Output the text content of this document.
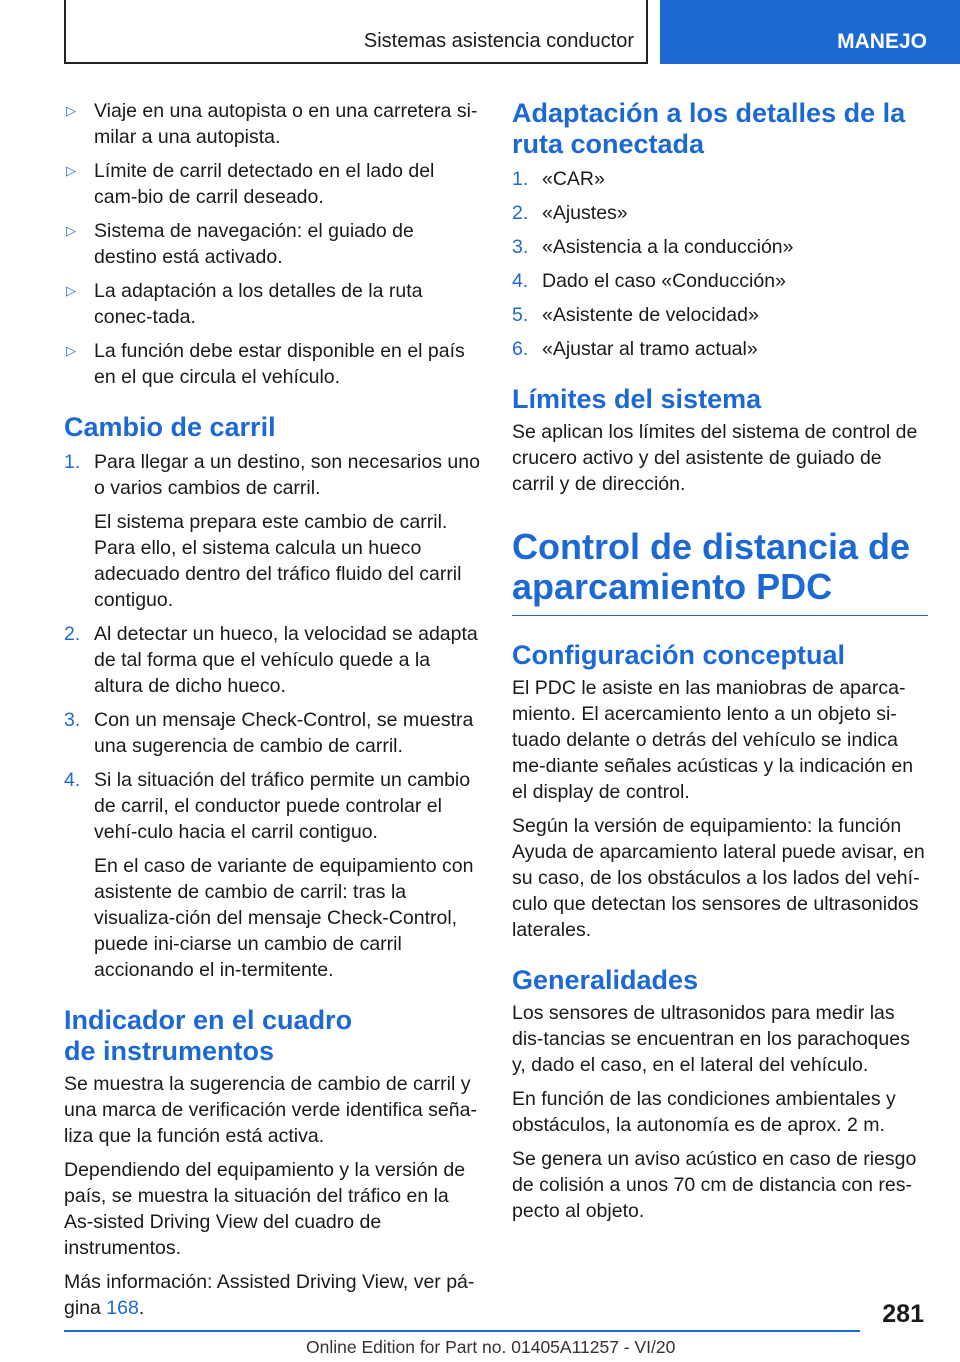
Sistemas asistencia conductor	MANEJO
▷ Viaje en una autopista o en una carretera si-milar a una autopista.
▷ Límite de carril detectado en el lado del cam-bio de carril deseado.
▷ Sistema de navegación: el guiado de destino está activado.
▷ La adaptación a los detalles de la ruta conec-tada.
▷ La función debe estar disponible en el país en el que circula el vehículo.
Cambio de carril
1. Para llegar a un destino, son necesarios uno o varios cambios de carril.
El sistema prepara este cambio de carril. Para ello, el sistema calcula un hueco adecuado dentro del tráfico fluido del carril contiguo.
2. Al detectar un hueco, la velocidad se adapta de tal forma que el vehículo quede a la altura de dicho hueco.
3. Con un mensaje Check-Control, se muestra una sugerencia de cambio de carril.
4. Si la situación del tráfico permite un cambio de carril, el conductor puede controlar el vehí-culo hacia el carril contiguo.
En el caso de variante de equipamiento con asistente de cambio de carril: tras la visualiza-ción del mensaje Check-Control, puede ini-ciarse un cambio de carril accionando el in-termitente.
Indicador en el cuadro
de instrumentos

Se muestra la sugerencia de cambio de carril y una marca de verificación verde identifica seña-liza que la función está activa.

Dependiendo del equipamiento y la versión de país, se muestra la situación del tráfico en la As-sisted Driving View del cuadro de instrumentos.

Más información: Assisted Driving View, ver pá-gina 168.

Adaptación a los detalles de la ruta conectada
1. «CAR»
2. «Ajustes»
3. «Asistencia a la conducción»
4. Dado el caso «Conducción»
5. «Asistente de velocidad»
6. «Ajustar al tramo actual»
Límites del sistema

Se aplican los límites del sistema de control de crucero activo y del asistente de guiado de carril y de dirección.

Control de distancia de aparcamiento PDC
Configuración conceptual

El PDC le asiste en las maniobras de aparca-miento. El acercamiento lento a un objeto si-tuado delante o detrás del vehículo se indica me-diante señales acústicas y la indicación en el display de control.

Según la versión de equipamiento: la función Ayuda de aparcamiento lateral puede avisar, en su caso, de los obstáculos a los lados del vehí-culo que detectan los sensores de ultrasonidos laterales.

Generalidades

Los sensores de ultrasonidos para medir las dis-tancias se encuentran en los parachoques y, dado el caso, en el lateral del vehículo.

En función de las condiciones ambientales y obstáculos, la autonomía es de aprox. 2 m.

Se genera un aviso acústico en caso de riesgo de colisión a unos 70 cm de distancia con res-pecto al objeto.

281
Online Edition for Part no. 01405A11257 - VI/20
